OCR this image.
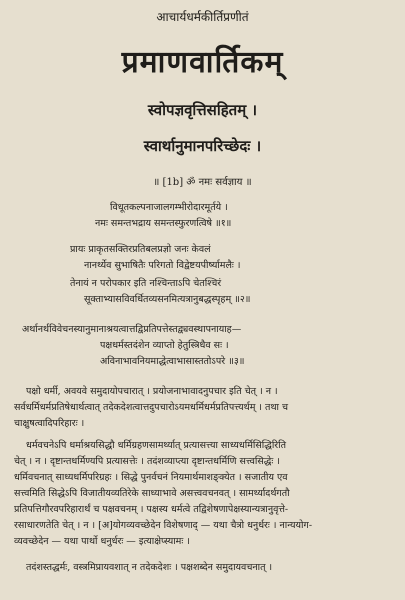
आचार्यधर्मकीर्तिप्रणीतं
प्रमाणवार्तिकम्
स्वोपज्ञवृत्तिसहितम् ।
स्वार्थानुमानपरिच्छेदः ।
॥ [1b] ॐ नमः सर्वज्ञाय ॥
विधूतकल्पनाजालगम्भीरोदारमूर्तये ।
नमः समन्तभद्राय समन्तस्फुरणत्विषे ॥१॥
प्रायः प्राकृतसक्तिरप्रतिबलप्रज्ञो जनः केवलं
नानर्थ्येव सुभाषितैः परिगतो विद्वेष्टयपीर्ष्यामलैः ।
तेनायं न परोपकार इति नश्चिन्ताऽपि चेतश्चिरं
सूक्ताभ्यासविवर्धितव्यसनमित्यत्रानुबद्धस्पृहम् ॥२॥
अर्थानर्थविवेचनस्यानुमानाश्रयत्वात्तद्विप्रतिपत्तेस्तद्व्यवस्थापनायाह—
पक्षधर्मस्तदंशेन व्याप्तो हेतुस्त्रिधैव सः ।
अविनाभावनियमाद्धेत्वाभासास्ततोऽपरे ॥३॥
पक्षो धर्मी, अवयवे समुदायोपचारात् । प्रयोजनाभावादनुपचार इति चेत् । न ।
सर्वधर्मिधर्मप्रतिषेधार्थत्वात् तदेकदेशत्वात्तदुपचारोऽयमधर्मिधर्मप्रतिपत्त्यर्थम् । तथा च
चाक्षुषत्वादिपरिहारः ।
धर्मवचनेऽपि धर्माश्रयसिद्धौ धर्मिग्रहणसामर्थ्यात् प्रत्यासत्त्या साध्यधर्मिसिद्धिरिति
चेत् । न । दृष्टान्तधर्मिण्यपि प्रत्यासत्तेः । तदंशव्याप्त्या दृष्टान्तधर्मिणि सत्त्वसिद्धेः ।
धर्मिवचनात् साध्यधर्मिपरिग्रहः । सिद्धे पुनर्वचनं नियमार्थमाशङ्क्येत । सजातीय एव
सत्त्वमिति सिद्धेऽपि विजातीयव्यतिरेके साध्याभावे असत्त्ववचनवत् । सामर्थ्यादर्थगतौ
प्रतिपत्तिगौरवपरिहारार्थं च पक्षवचनम् । पक्षस्य धर्मत्वे तद्विशेषणापेक्षस्यान्यत्रानुवृत्ते-
रसाधारणतेति चेत् । न । [अ]योगव्यवच्छेदेन विशेषणाद् — यथा चैत्रो धनुर्धरः । नान्ययोग-
व्यवच्छेदेन — यथा पार्थो धनुर्धरः — इत्याक्षेप्स्यामः ।
तदंशस्तद्धर्मः, वस्त्रमिप्रायवशात् न तदेकदेशः । पक्षशब्देन समुदायवचनात् ।
